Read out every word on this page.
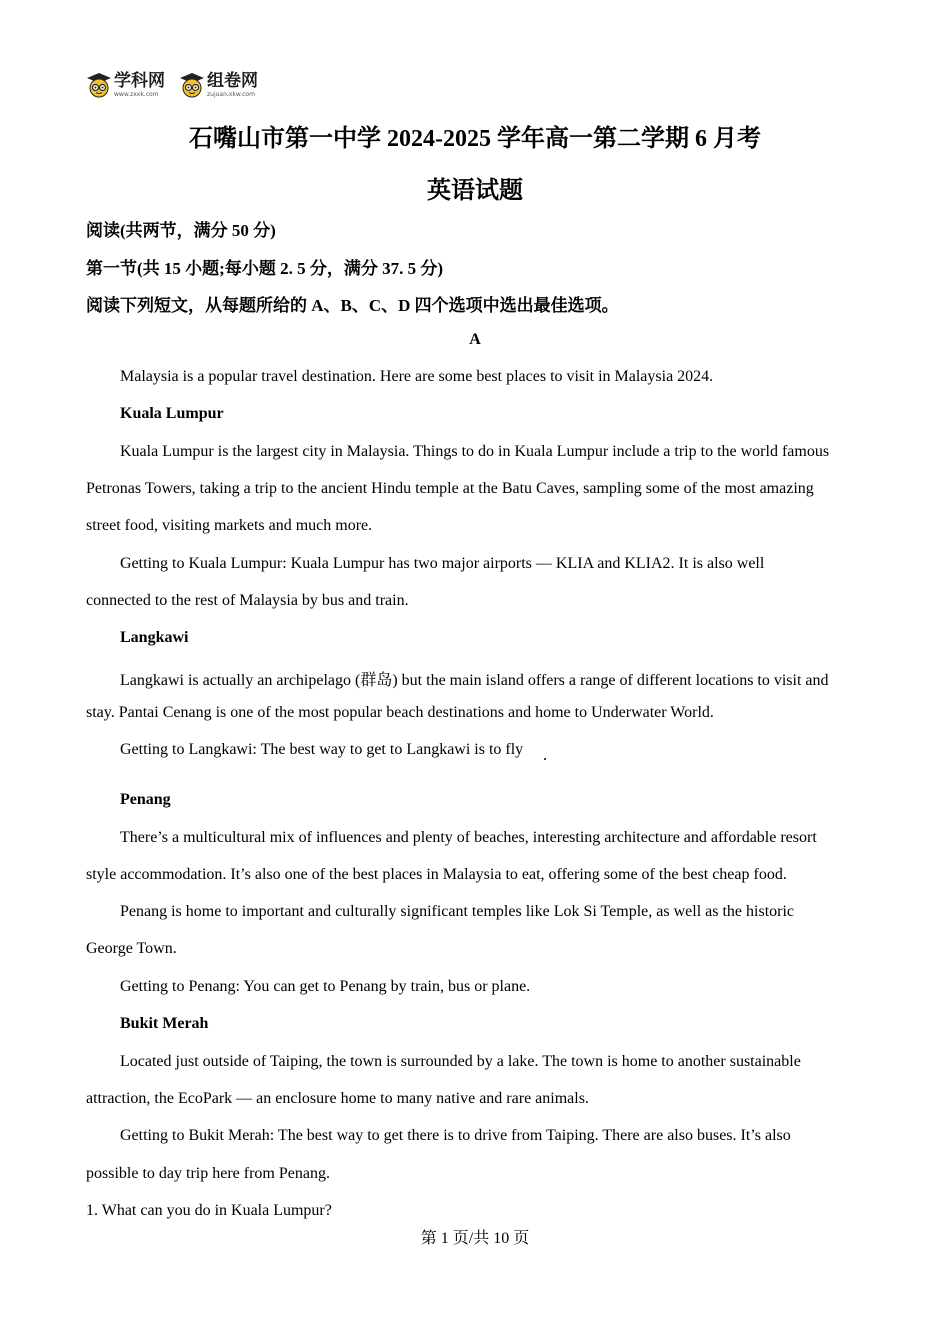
学科网
www.zxxk.com
组卷网
zujuan.xkw.com
石嘴山市第一中学 2024-2025 学年高一第二学期 6 月考
英语试题
阅读(共两节，满分 50 分)
第一节(共 15 小题;每小题 2. 5 分，满分 37. 5 分)
阅读下列短文，从每题所给的 A、B、C、D 四个选项中选出最佳选项。
A
Malaysia is a popular travel destination. Here are some best places to visit in Malaysia 2024.
Kuala Lumpur
Kuala Lumpur is the largest city in Malaysia. Things to do in Kuala Lumpur include a trip to the world famous
Petronas Towers, taking a trip to the ancient Hindu temple at the Batu Caves, sampling some of the most amazing
street food, visiting markets and much more.
Getting to Kuala Lumpur: Kuala Lumpur has two major airports — KLIA and KLIA2. It is also well
connected to the rest of Malaysia by bus and train.
Langkawi
Langkawi is actually an archipelago (群岛) but the main island offers a range of different locations to visit and
stay. Pantai Cenang is one of the most popular beach destinations and home to Underwater World.
Getting to Langkawi: The best way to get to Langkawi is to fly
Penang
There’s a multicultural mix of influences and plenty of beaches, interesting architecture and affordable resort
style accommodation. It’s also one of the best places in Malaysia to eat, offering some of the best cheap food.
Penang is home to important and culturally significant temples like Lok Si Temple, as well as the historic
George Town.
Getting to Penang: You can get to Penang by train, bus or plane.
Bukit Merah
Located just outside of Taiping, the town is surrounded by a lake. The town is home to another sustainable
attraction, the EcoPark — an enclosure home to many native and rare animals.
Getting to Bukit Merah: The best way to get there is to drive from Taiping. There are also buses. It’s also
possible to day trip here from Penang.
1. What can you do in Kuala Lumpur?
第 1 页/共 10 页
